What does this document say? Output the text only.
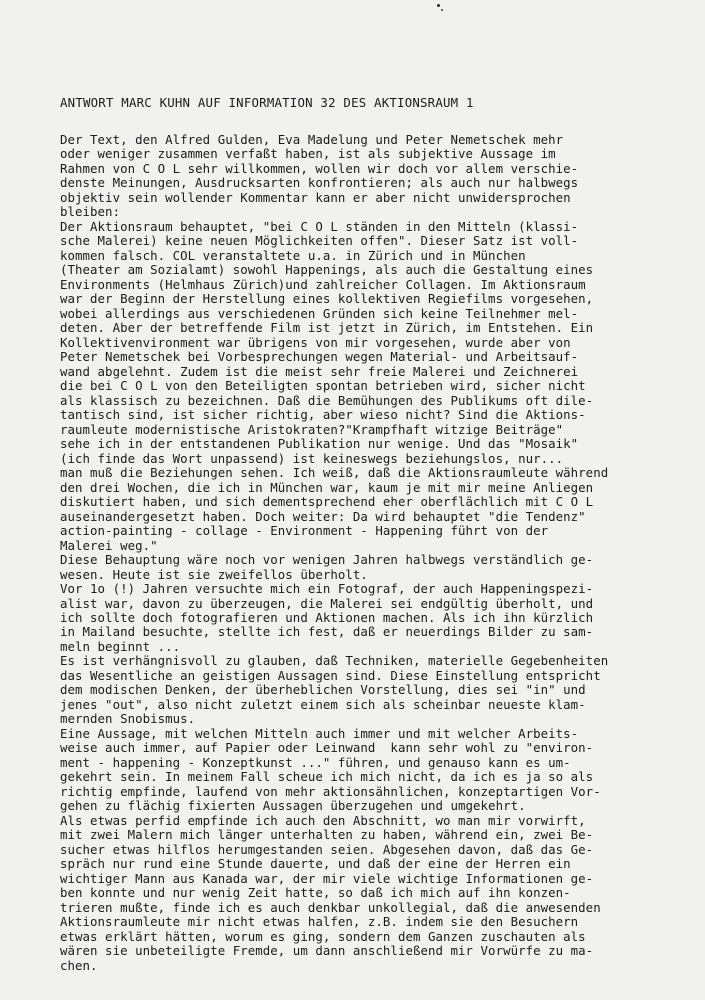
ANTWORT MARC KUHN AUF INFORMATION 32 DES AKTIONSRAUM 1
Der Text, den Alfred Gulden, Eva Madelung und Peter Nemetschek mehr
oder weniger zusammen verfaßt haben, ist als subjektive Aussage im
Rahmen von C O L sehr willkommen, wollen wir doch vor allem verschie-
denste Meinungen, Ausdrucksarten konfrontieren; als auch nur halbwegs
objektiv sein wollender Kommentar kann er aber nicht unwidersprochen
bleiben:
Der Aktionsraum behauptet, "bei C O L ständen in den Mitteln (klassi-
sche Malerei) keine neuen Möglichkeiten offen". Dieser Satz ist voll-
kommen falsch. COL veranstaltete u.a. in Zürich und in München
(Theater am Sozialamt) sowohl Happenings, als auch die Gestaltung eines
Environments (Helmhaus Zürich)und zahlreicher Collagen. Im Aktionsraum
war der Beginn der Herstellung eines kollektiven Regiefilms vorgesehen,
wobei allerdings aus verschiedenen Gründen sich keine Teilnehmer mel-
deten. Aber der betreffende Film ist jetzt in Zürich, im Entstehen. Ein
Kollektivenvironment war übrigens von mir vorgesehen, wurde aber von
Peter Nemetschek bei Vorbesprechungen wegen Material- und Arbeitsauf-
wand abgelehnt. Zudem ist die meist sehr freie Malerei und Zeichnerei
die bei C O L von den Beteiligten spontan betrieben wird, sicher nicht
als klassisch zu bezeichnen. Daß die Bemühungen des Publikums oft dile-
tantisch sind, ist sicher richtig, aber wieso nicht? Sind die Aktions-
raumleute modernistische Aristokraten?"Krampfhaft witzige Beiträge"
sehe ich in der entstandenen Publikation nur wenige. Und das "Mosaik"
(ich finde das Wort unpassend) ist keineswegs beziehungslos, nur...
man muß die Beziehungen sehen. Ich weiß, daß die Aktionsraumleute während
den drei Wochen, die ich in München war, kaum je mit mir meine Anliegen
diskutiert haben, und sich dementsprechend eher oberflächlich mit C O L
auseinandergesetzt haben. Doch weiter: Da wird behauptet "die Tendenz"
action-painting - collage - Environment - Happening führt von der
Malerei weg."
Diese Behauptung wäre noch vor wenigen Jahren halbwegs verständlich ge-
wesen. Heute ist sie zweifellos überholt.
Vor 1o (!) Jahren versuchte mich ein Fotograf, der auch Happeningspezi-
alist war, davon zu überzeugen, die Malerei sei endgültig überholt, und
ich sollte doch fotografieren und Aktionen machen. Als ich ihn kürzlich
in Mailand besuchte, stellte ich fest, daß er neuerdings Bilder zu sam-
meln beginnt ...
Es ist verhängnisvoll zu glauben, daß Techniken, materielle Gegebenheiten
das Wesentliche an geistigen Aussagen sind. Diese Einstellung entspricht
dem modischen Denken, der überheblichen Vorstellung, dies sei "in" und
jenes "out", also nicht zuletzt einem sich als scheinbar neueste klam-
mernden Snobismus.
Eine Aussage, mit welchen Mitteln auch immer und mit welcher Arbeits-
weise auch immer, auf Papier oder Leinwand  kann sehr wohl zu "environ-
ment - happening - Konzeptkunst ..." führen, und genauso kann es um-
gekehrt sein. In meinem Fall scheue ich mich nicht, da ich es ja so als
richtig empfinde, laufend von mehr aktionsähnlichen, konzeptartigen Vor-
gehen zu flächig fixierten Aussagen überzugehen und umgekehrt.
Als etwas perfid empfinde ich auch den Abschnitt, wo man mir vorwirft,
mit zwei Malern mich länger unterhalten zu haben, während ein, zwei Be-
sucher etwas hilflos herumgestanden seien. Abgesehen davon, daß das Ge-
spräch nur rund eine Stunde dauerte, und daß der eine der Herren ein
wichtiger Mann aus Kanada war, der mir viele wichtige Informationen ge-
ben konnte und nur wenig Zeit hatte, so daß ich mich auf ihn konzen-
trieren mußte, finde ich es auch denkbar unkollegial, daß die anwesenden
Aktionsraumleute mir nicht etwas halfen, z.B. indem sie den Besuchern
etwas erklärt hätten, worum es ging, sondern dem Ganzen zuschauten als
wären sie unbeteiligte Fremde, um dann anschließend mir Vorwürfe zu ma-
chen.
